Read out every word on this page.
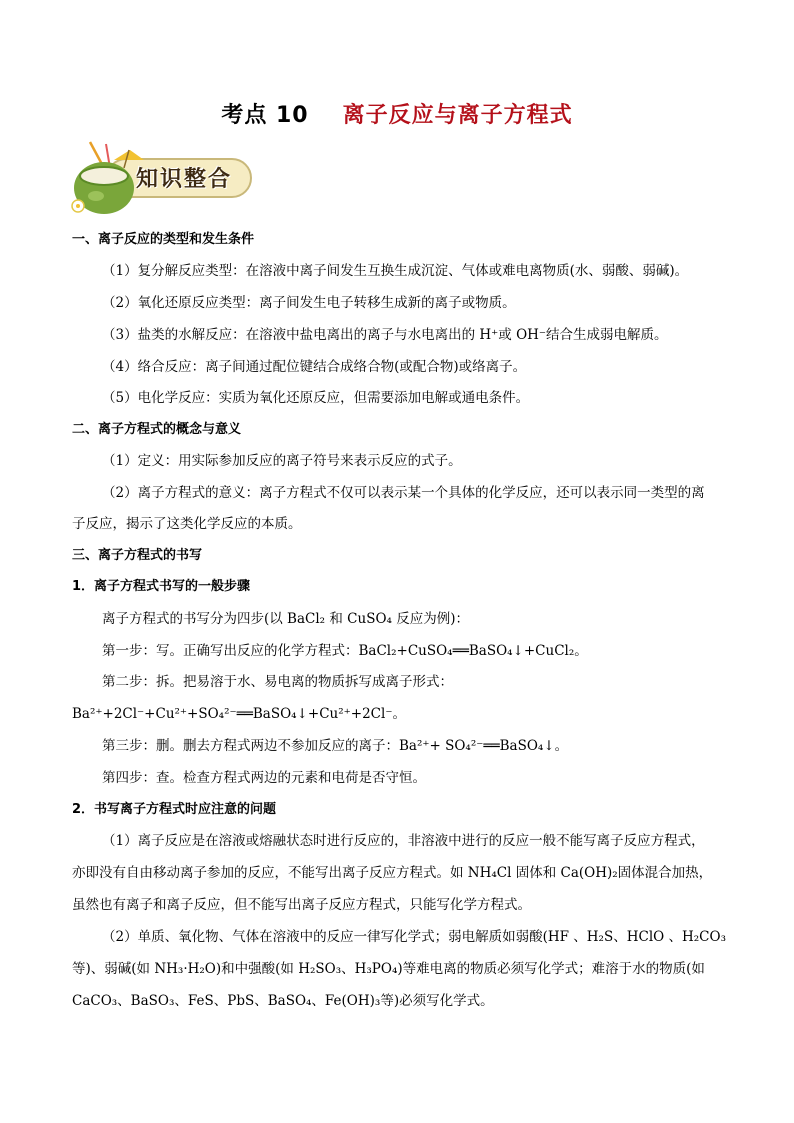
考点 10 离子反应与离子方程式
知识整合
一、离子反应的类型和发生条件
（1）复分解反应类型：在溶液中离子间发生互换生成沉淀、气体或难电离物质(水、弱酸、弱碱)。
（2）氧化还原反应类型：离子间发生电子转移生成新的离子或物质。
（3）盐类的水解反应：在溶液中盐电离出的离子与水电离出的 H⁺或 OH⁻结合生成弱电解质。
（4）络合反应：离子间通过配位键结合成络合物(或配合物)或络离子。
（5）电化学反应：实质为氧化还原反应，但需要添加电解或通电条件。
二、离子方程式的概念与意义
（1）定义：用实际参加反应的离子符号来表示反应的式子。
（2）离子方程式的意义：离子方程式不仅可以表示某一个具体的化学反应，还可以表示同一类型的离
子反应，揭示了这类化学反应的本质。
三、离子方程式的书写
1．离子方程式书写的一般步骤
离子方程式的书写分为四步(以 BaCl₂ 和 CuSO₄ 反应为例)：
第一步：写。正确写出反应的化学方程式：BaCl₂+CuSO₄══BaSO₄↓+CuCl₂。
第二步：拆。把易溶于水、易电离的物质拆写成离子形式：
Ba²⁺+2Cl⁻+Cu²⁺+SO₄²⁻══BaSO₄↓+Cu²⁺+2Cl⁻。
第三步：删。删去方程式两边不参加反应的离子：Ba²⁺+ SO₄²⁻══BaSO₄↓。
第四步：查。检查方程式两边的元素和电荷是否守恒。
2．书写离子方程式时应注意的问题
（1）离子反应是在溶液或熔融状态时进行反应的，非溶液中进行的反应一般不能写离子反应方程式，
亦即没有自由移动离子参加的反应，不能写出离子反应方程式。如 NH₄Cl 固体和 Ca(OH)₂固体混合加热，
虽然也有离子和离子反应，但不能写出离子反应方程式，只能写化学方程式。
（2）单质、氧化物、气体在溶液中的反应一律写化学式；弱电解质如弱酸(HF 、H₂S、HClO 、H₂CO₃
等)、弱碱(如 NH₃·H₂O)和中强酸(如 H₂SO₃、H₃PO₄)等难电离的物质必须写化学式；难溶于水的物质(如
CaCO₃、BaSO₃、FeS、PbS、BaSO₄、Fe(OH)₃等)必须写化学式。
